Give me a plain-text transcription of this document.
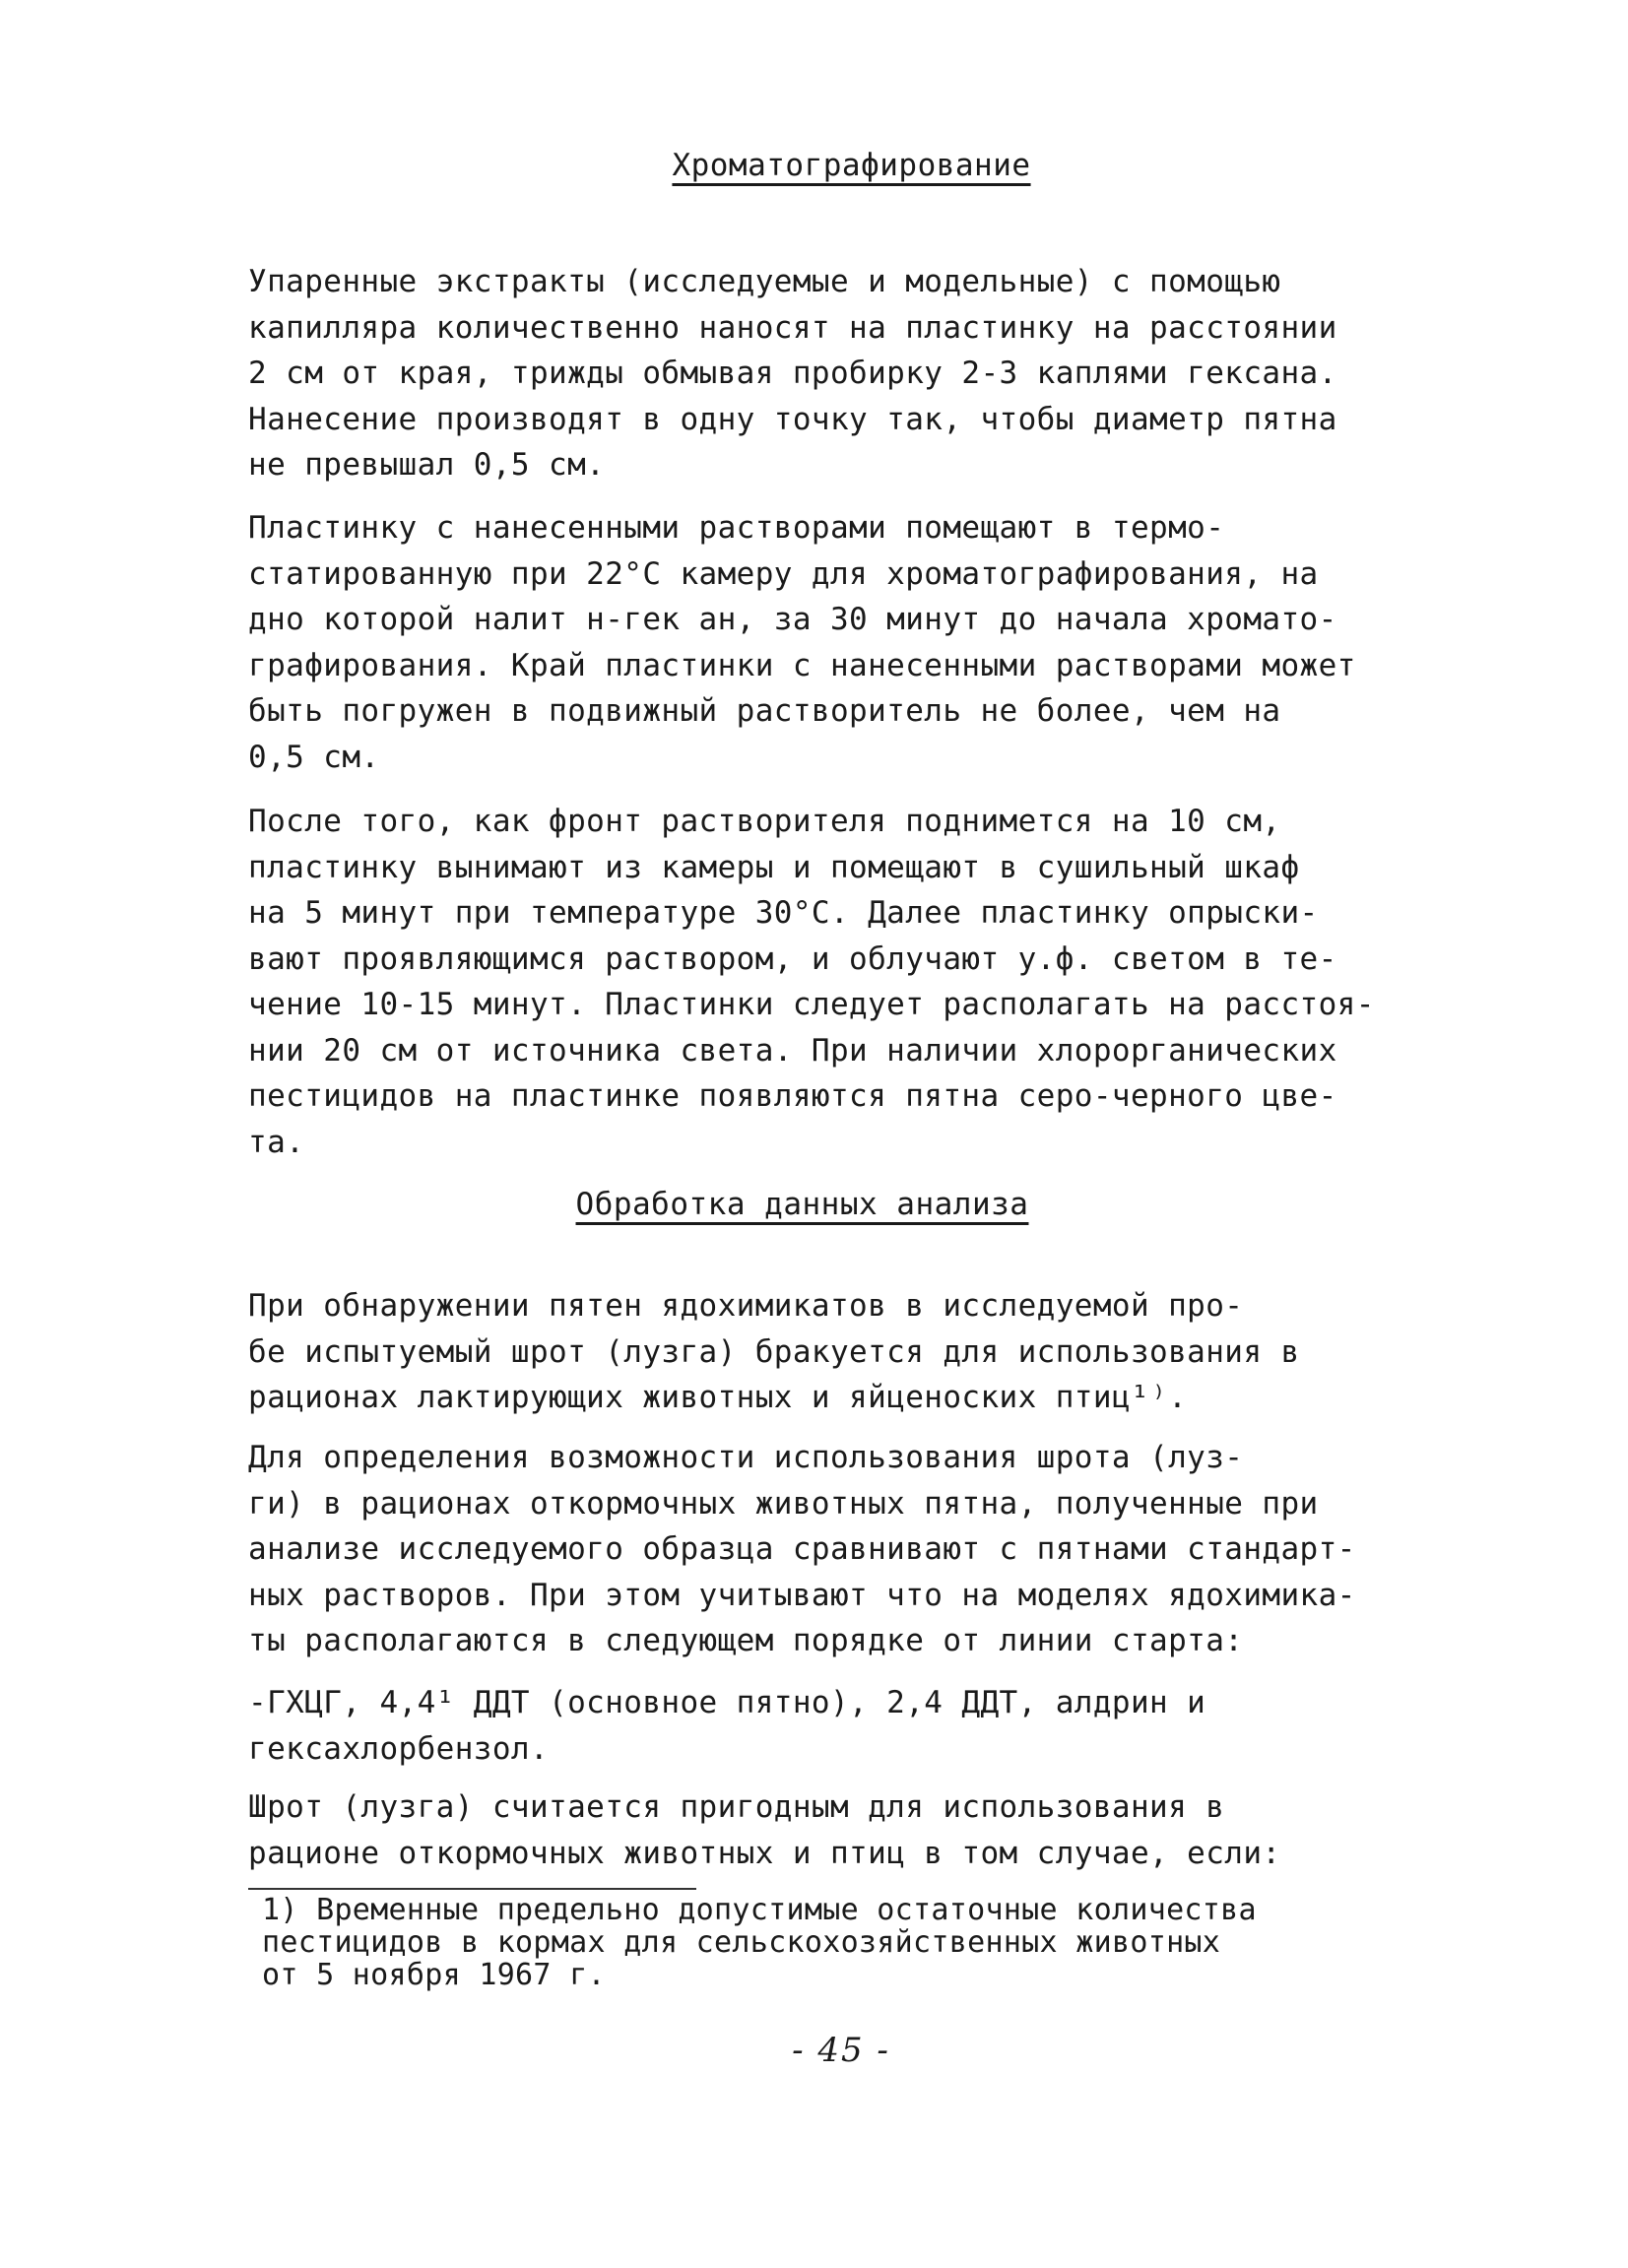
Хроматографирование
Упаренные экстракты (исследуемые и модельные) с помощью
капилляра количественно наносят на пластинку на расстоянии
2 см от края, трижды обмывая пробирку 2-3 каплями гексана.
Нанесение производят в одну точку так, чтобы диаметр пятна
не превышал 0,5 см.
Пластинку с нанесенными растворами помещают в термо-
статированную при 22°С камеру для хроматографирования, на
дно которой налит н-гек ан, за 30 минут до начала хромато-
графирования. Край пластинки с нанесенными растворами может
быть погружен в подвижный растворитель не более, чем на
0,5 см.
После того, как фронт растворителя поднимется на 10 см,
пластинку вынимают из камеры и помещают в сушильный шкаф
на 5 минут при температуре 30°С. Далее пластинку опрыски-
вают проявляющимся раствором, и облучают у.ф. светом в те-
чение 10-15 минут. Пластинки следует располагать на расстоя-
нии 20 см от источника света. При наличии хлорорганических
пестицидов на пластинке появляются пятна серо-черного цве-
та.
Обработка данных анализа
При обнаружении пятен ядохимикатов в исследуемой про-
бе испытуемый шрот (лузга) бракуется для использования в
рационах лактирующих животных и яйценоских птиц¹⁾.
Для определения возможности использования шрота (луз-
ги) в рационах откормочных животных пятна, полученные при
анализе исследуемого образца сравнивают с пятнами стандарт-
ных растворов. При этом учитывают что на моделях ядохимика-
ты располагаются в следующем порядке от линии старта:
-ГХЦГ, 4,4¹ ДДТ (основное пятно), 2,4 ДДТ, алдрин и
гексахлорбензол.
Шрот (лузга) считается пригодным для использования в
рационе откормочных животных и птиц в том случае, если:
1) Временные предельно допустимые остаточные количества
пестицидов в кормах для сельскохозяйственных животных
от 5 ноября 1967 г.
- 45 -
